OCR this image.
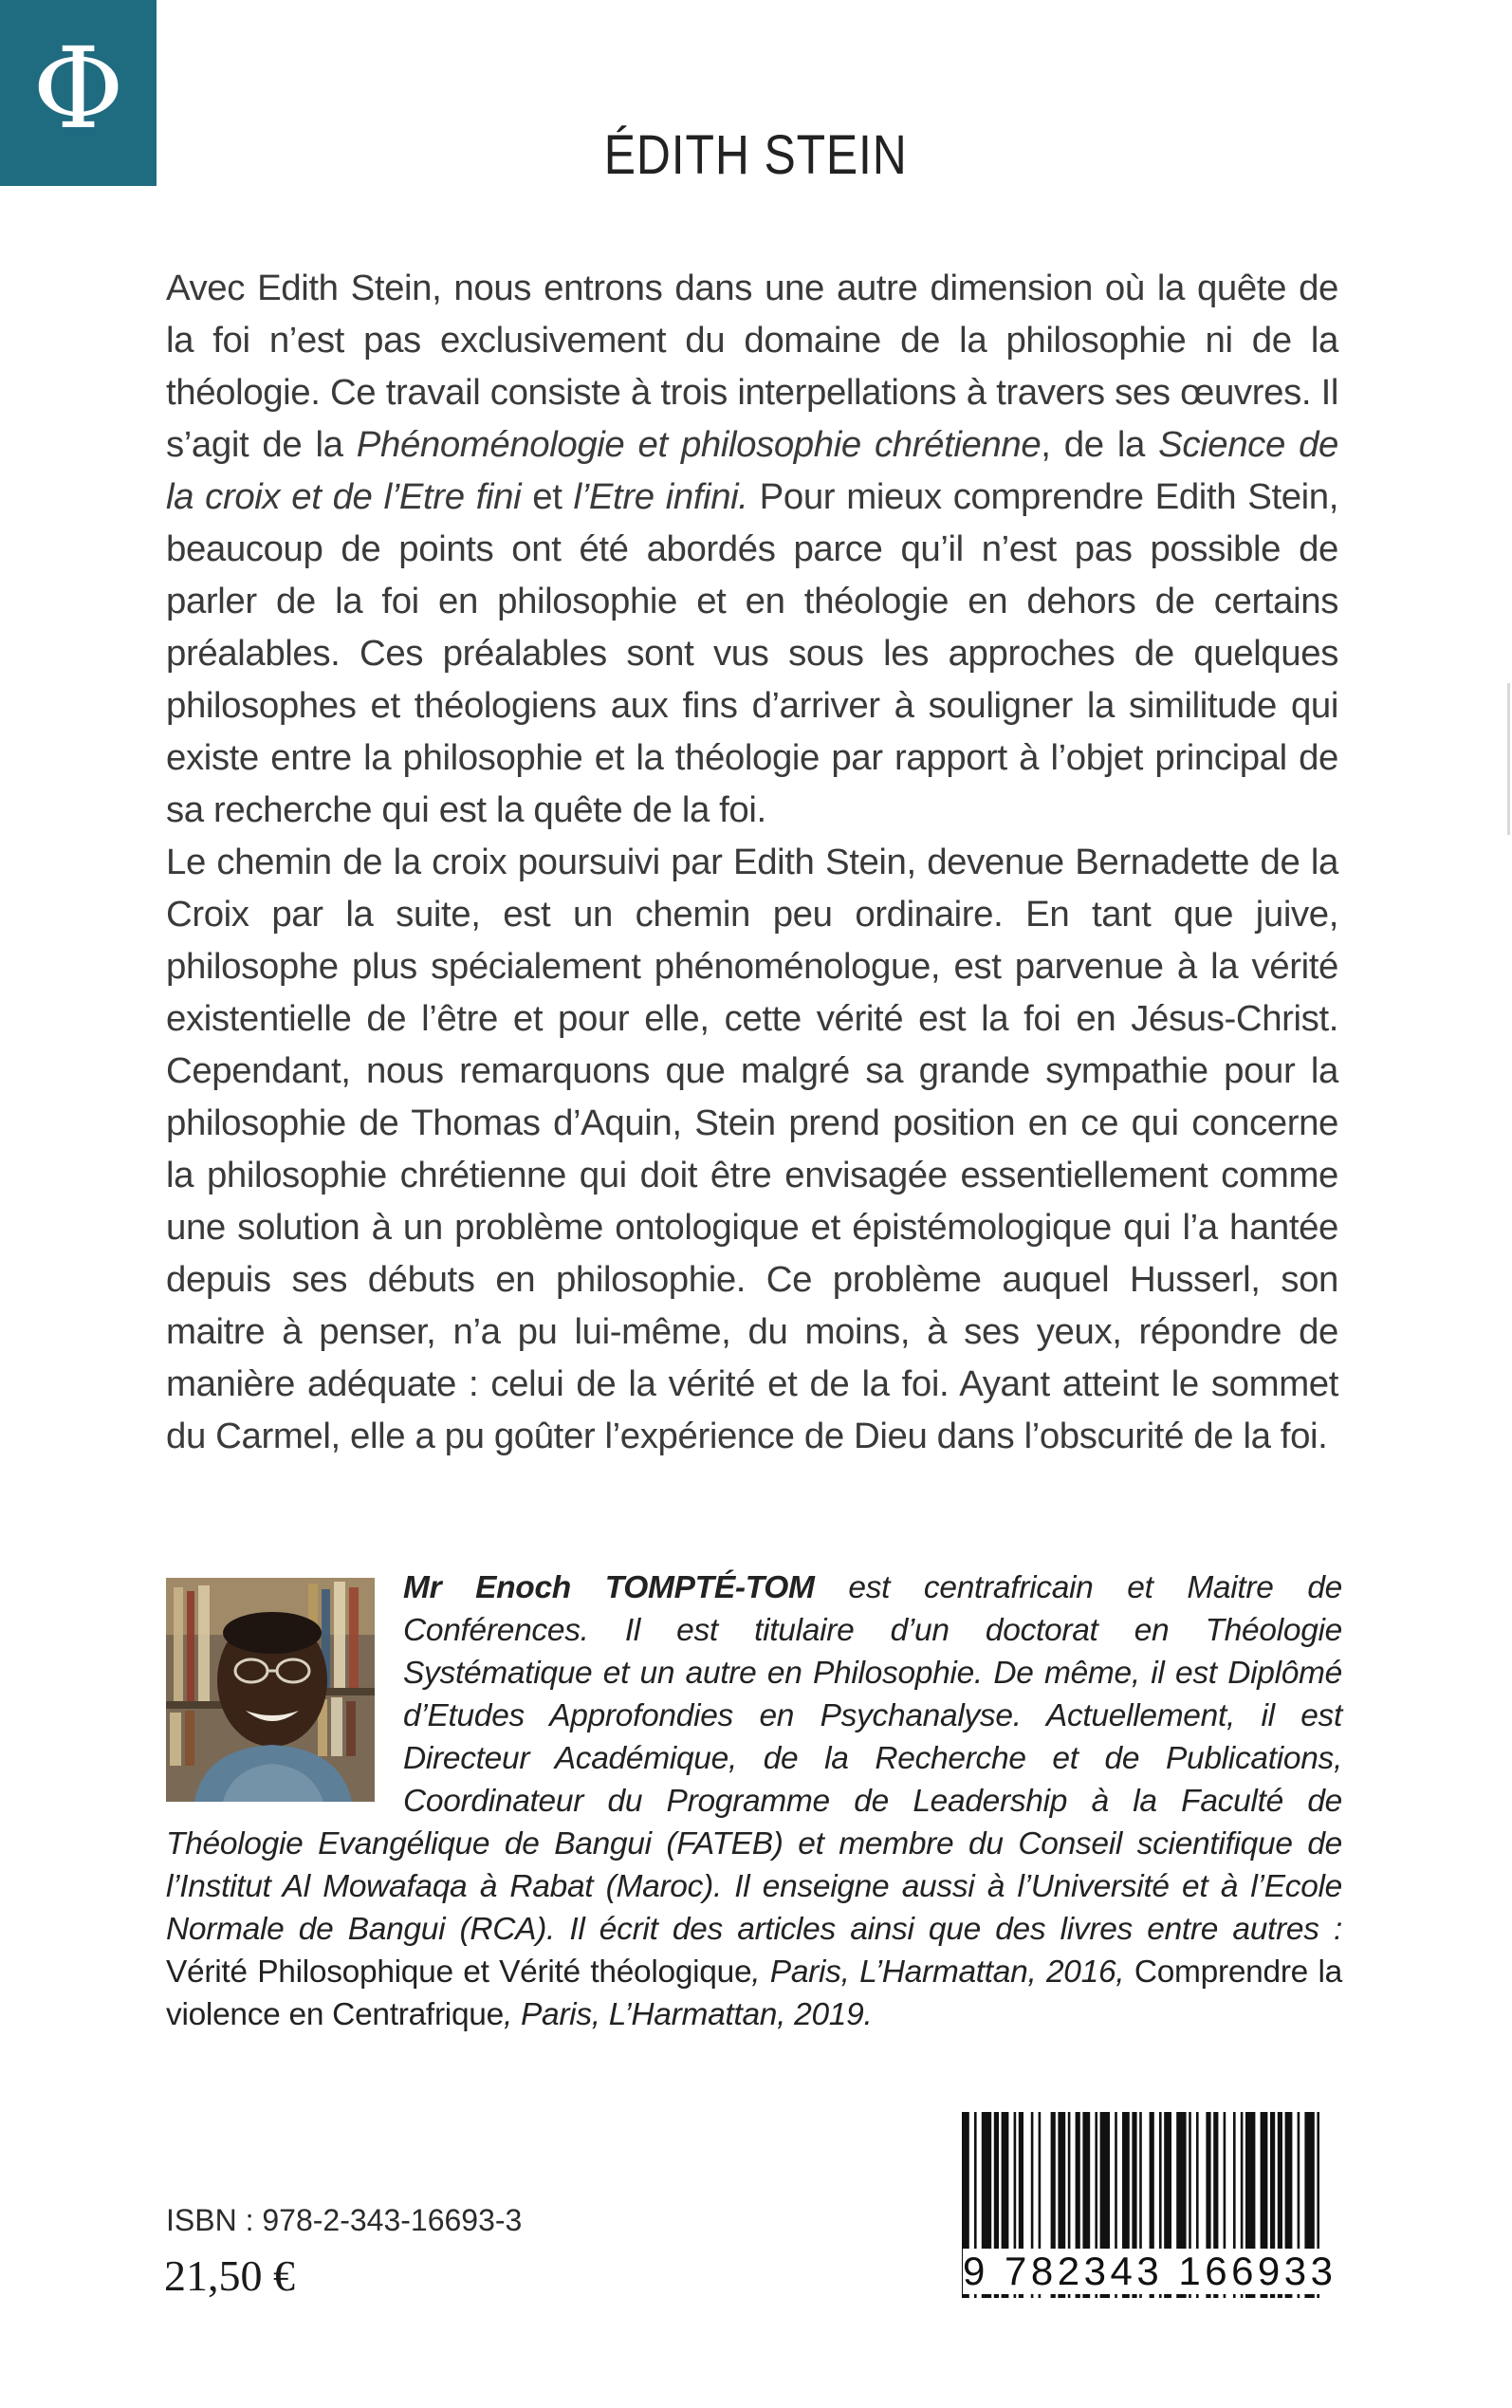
Φ
ÉDITH STEIN

Avec Edith Stein, nous entrons dans une autre dimension où la quête de la foi n’est pas exclusivement du domaine de la philosophie ni de la théologie. Ce travail consiste à trois interpellations à travers ses œuvres. Il s’agit de la Phénoménologie et philosophie chrétienne, de la Science de la croix et de l’Etre fini et l’Etre infini. Pour mieux comprendre Edith Stein, beaucoup de points ont été abordés parce qu’il n’est pas possible de parler de la foi en philosophie et en théologie en dehors de certains préalables. Ces préalables sont vus sous les approches de quelques philosophes et théologiens aux fins d’arriver à souligner la similitude qui existe entre la philosophie et la théologie par rapport à l’objet principal de sa recherche qui est la quête de la foi.

Le chemin de la croix poursuivi par Edith Stein, devenue Bernadette de la Croix par la suite, est un chemin peu ordinaire. En tant que juive, philosophe plus spécialement phénoménologue, est parvenue à la vérité existentielle de l’être et pour elle, cette vérité est la foi en Jésus-Christ. Cependant, nous remarquons que malgré sa grande sympathie pour la philosophie de Thomas d’Aquin, Stein prend position en ce qui concerne la philosophie chrétienne qui doit être envisagée essentiellement comme une solution à un problème ontologique et épistémologique qui l’a hantée depuis ses débuts en philosophie. Ce problème auquel Husserl, son maitre à penser, n’a pu lui-même, du moins, à ses yeux, répondre de manière adéquate : celui de la vérité et de la foi. Ayant atteint le sommet du Carmel, elle a pu goûter l’expérience de Dieu dans l’obscurité de la foi.

Mr Enoch TOMPTÉ-TOM est centrafricain et Maitre de Conférences. Il est titulaire d’un doctorat en Théologie Systématique et un autre en Philosophie. De même, il est Diplômé d’Etudes Approfondies en Psychanalyse. Actuellement, il est Directeur Académique, de la Recherche et de Publications, Coordinateur du Programme de Leadership à la Faculté de Théologie Evangélique de Bangui (FATEB) et membre du Conseil scientifique de l’Institut Al Mowafaqa à Rabat (Maroc). Il enseigne aussi à l’Université et à l’Ecole Normale de Bangui (RCA). Il écrit des articles ainsi que des livres entre autres : Vérité Philosophique et Vérité théologique, Paris, L’Harmattan, 2016, Comprendre la violence en Centrafrique, Paris, L’Harmattan, 2019.
ISBN : 978-2-343-16693-3
21,50 €	9 782343 166933
